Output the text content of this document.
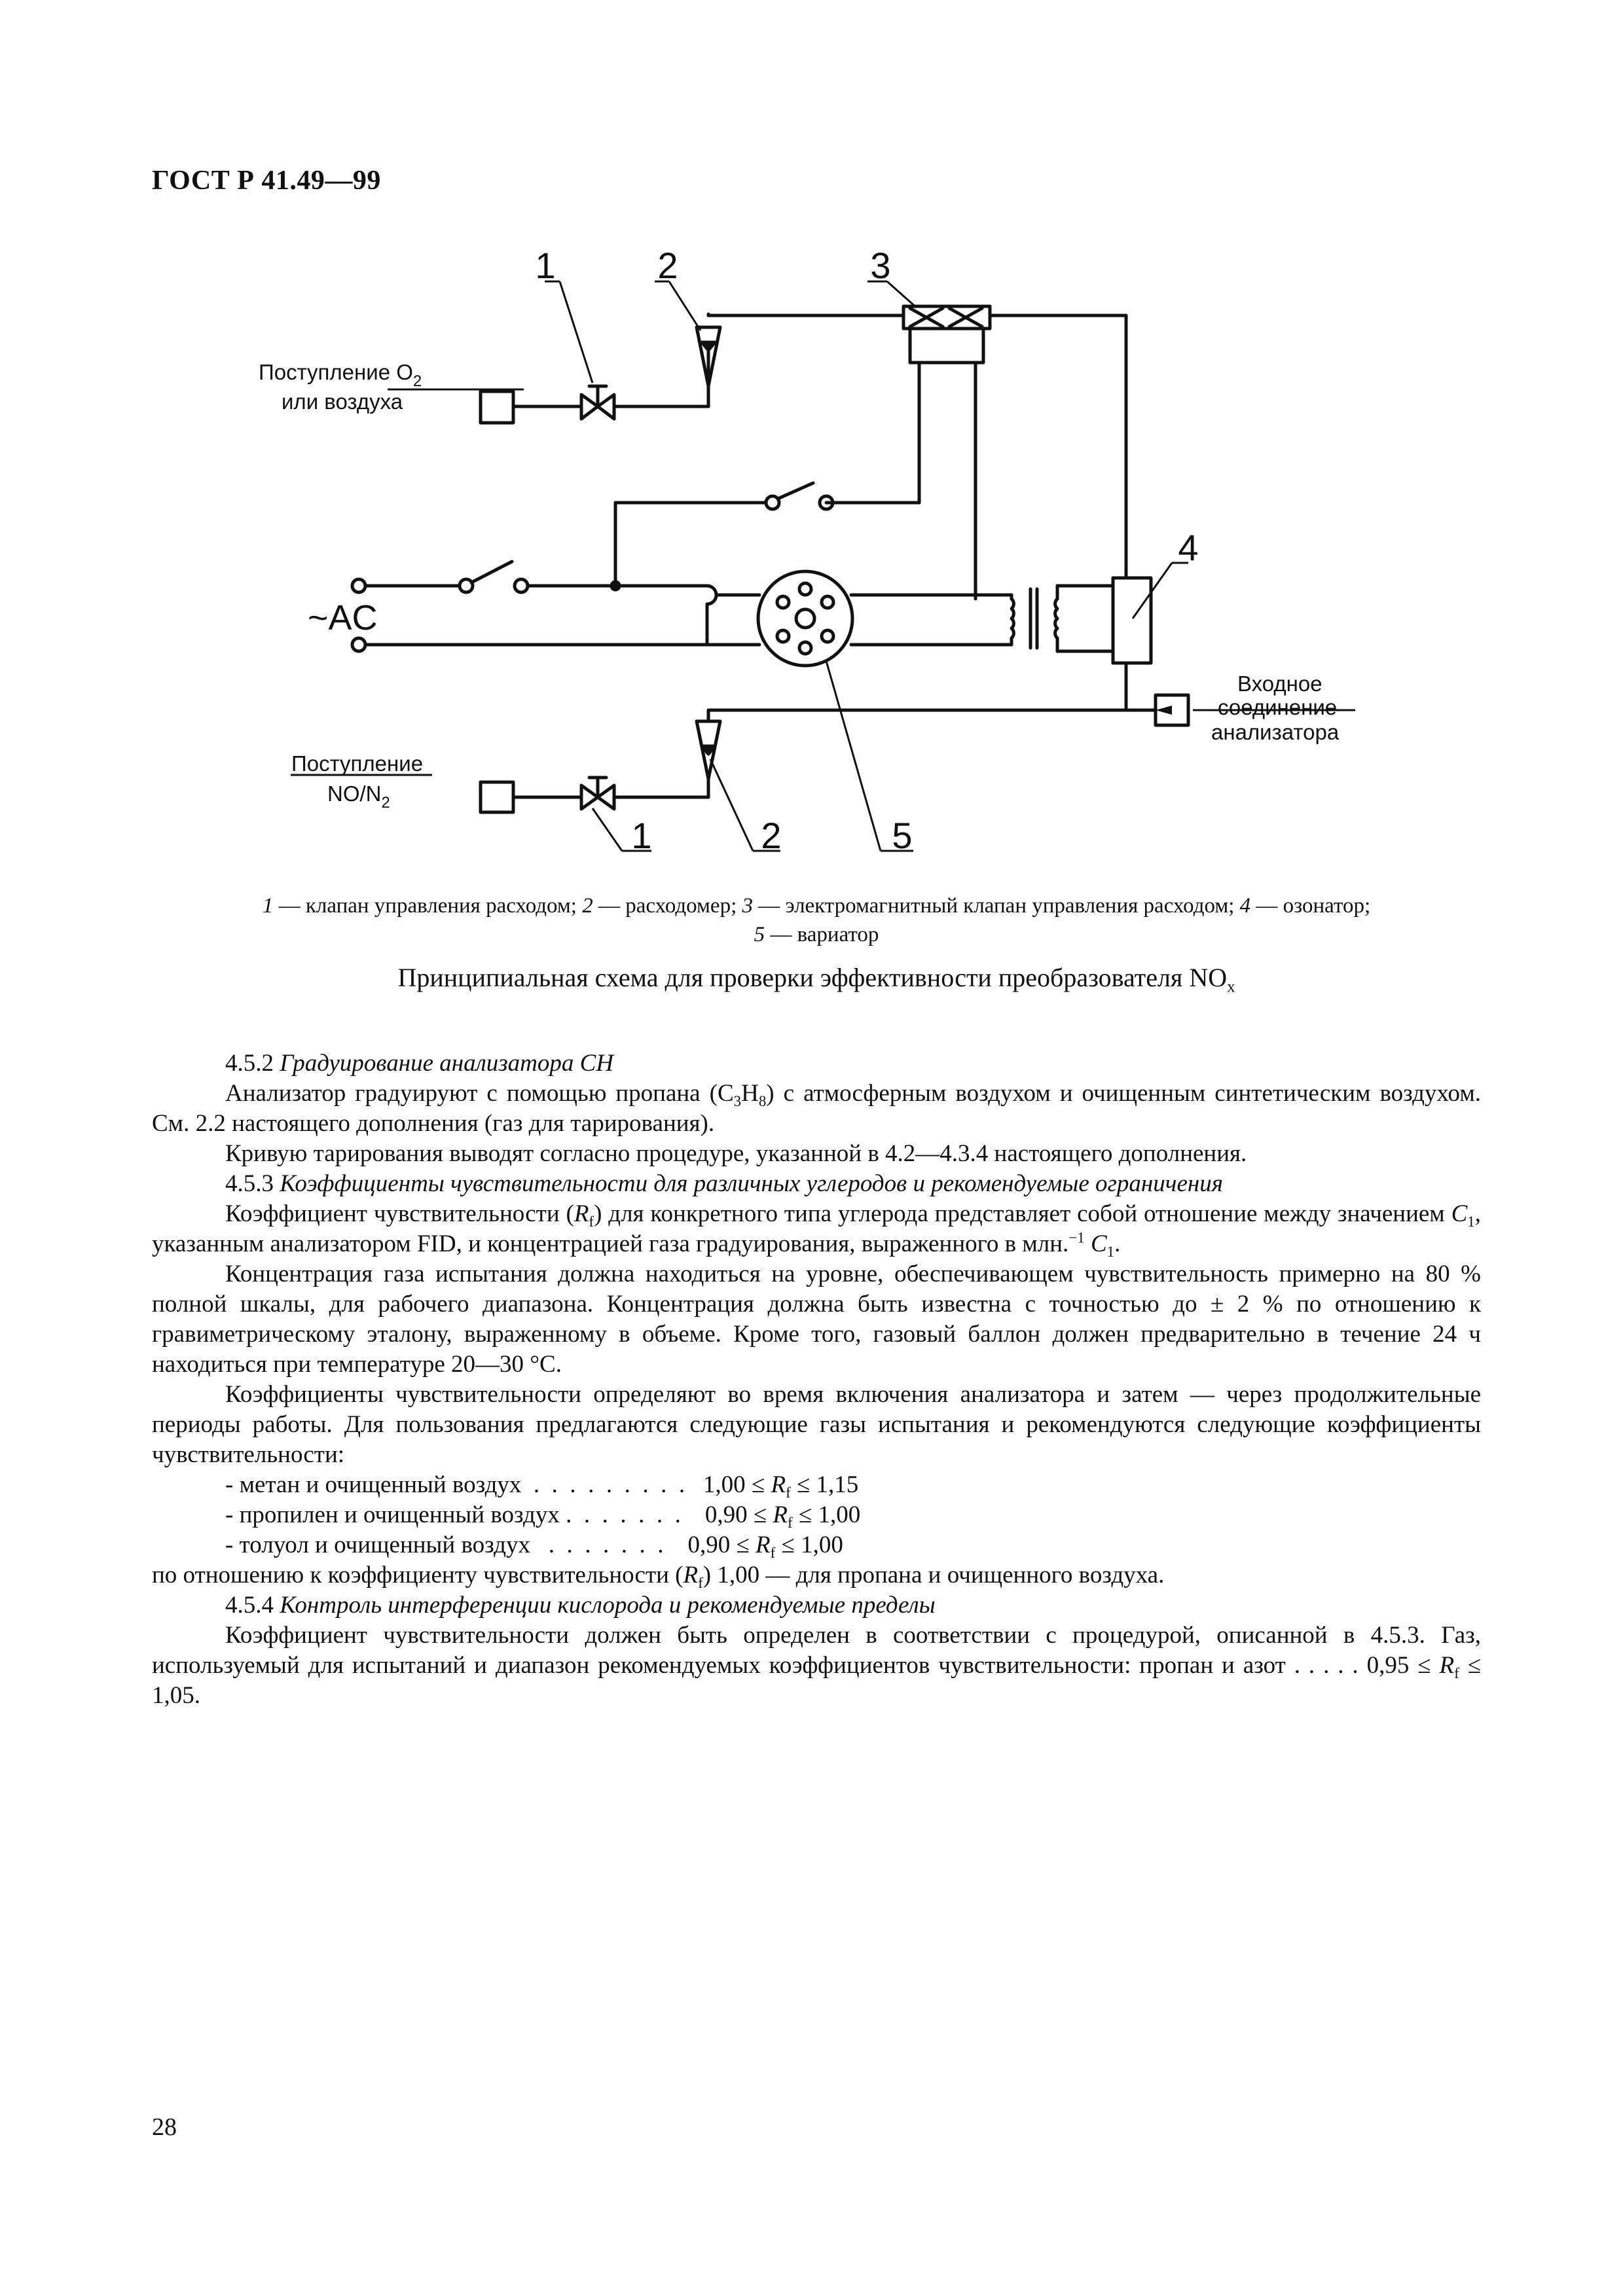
ГОСТ Р 41.49—99
1	2	3
4
1	2	5
Поступление $O_2$
или воздуха
~AC
Поступление
$NO/N_2$
Входное
соединение
анализатора
1 — клапан управления расходом; 2 — расходомер; 3 — электромагнитный клапан управления расходом; 4 — озонатор;
5 — вариатор
Принципиальная схема для проверки эффективности преобразователя $NO_x$

4.5.2 Градуирование анализатора СН

Анализатор градуируют с помощью пропана $(C_3H_8)$ с атмосферным воздухом и очищенным синтетическим воздухом. См. 2.2 настоящего дополнения (газ для тарирования).

Кривую тарирования выводят согласно процедуре, указанной в 4.2—4.3.4 настоящего дополнения.

4.5.3 Коэффициенты чувствительности для различных углеродов и рекомендуемые ограничения

Коэффициент чувствительности $(R_f)$ для конкретного типа углерода представляет собой отношение между значением $C_1$, указанным анализатором FID, и концентрацией газа градуирования, выраженного в млн.$^{-1}$ $C_1$.

Концентрация газа испытания должна находиться на уровне, обеспечивающем чувствительность примерно на 80 % полной шкалы, для рабочего диапазона. Концентрация должна быть известна с точностью до ± 2 % по отношению к гравиметрическому эталону, выраженному в объеме. Кроме того, газовый баллон должен предварительно в течение 24 ч находиться при температуре 20—30 °С.

Коэффициенты чувствительности определяют во время включения анализатора и затем — через продолжительные периоды работы. Для пользования предлагаются следующие газы испытания и рекомендуются следующие коэффициенты чувствительности:

- метан и очищенный воздух  .  .  .  .  .  .  .  .  .   $1,00 \le R_f \le 1,15$

- пропилен и очищенный воздух .  .  .  .  .  .  .    $0,90 \le R_f \le 1,00$

- толуол и очищенный воздух   .  .  .  .  .  .  .    $0,90 \le R_f \le 1,00$

по отношению к коэффициенту чувствительности $(R_f)$ 1,00 — для пропана и очищенного воздуха.

4.5.4 Контроль интерференции кислорода и рекомендуемые пределы

Коэффициент чувствительности должен быть определен в соответствии с процедурой, описанной в 4.5.3. Газ, используемый для испытаний и диапазон рекомендуемых коэффициентов чувствительности: пропан и азот . . . . . $0,95 \le R_f \le 1,05$.

28
